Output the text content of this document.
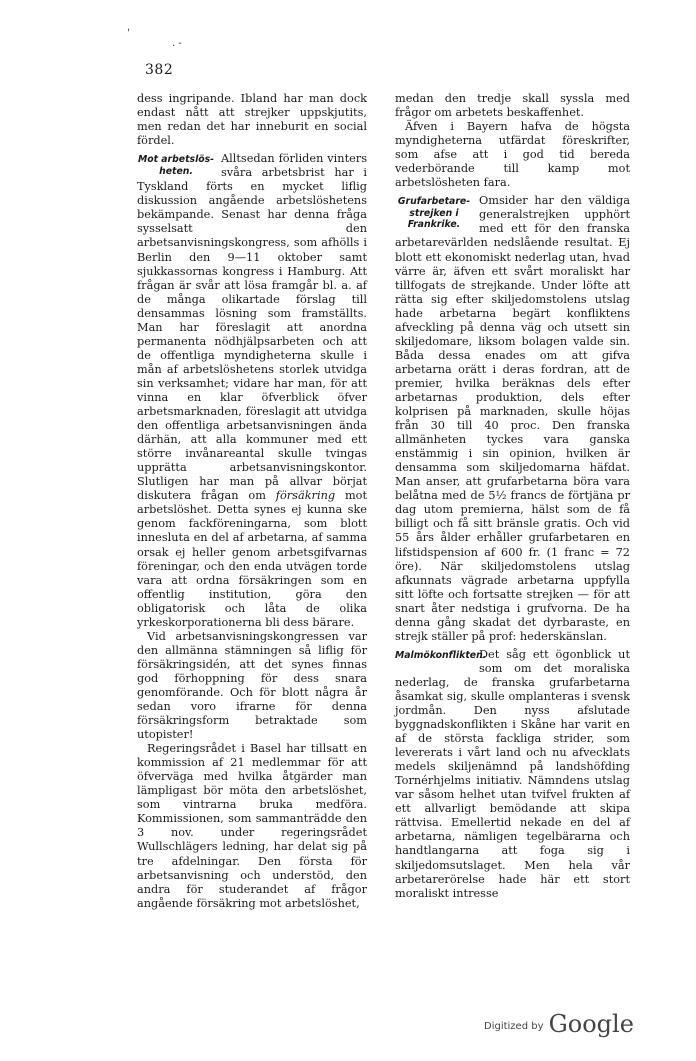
'
. -
382

dess ingripande. Ibland har man dock endast nått att strejker uppskjutits, men redan det har inneburit en social fördel.

Mot arbetslös-heten.
Alltsedan förliden vinters svåra arbetsbrist har i Tyskland förts en mycket liflig diskussion angående arbetslöshetens bekämpande. Senast har denna fråga sysselsatt den arbetsanvisningskongress, som afhölls i Berlin den 9—11 oktober samt sjukkassornas kongress i Hamburg. Att frågan är svår att lösa framgår bl. a. af de många olikartade förslag till densammas lösning som framställts. Man har föreslagit att anordna permanenta nödhjälpsarbeten och att de offentliga myndigheterna skulle i mån af arbetslöshetens storlek utvidga sin verksamhet; vidare har man, för att vinna en klar öfverblick öfver arbetsmarknaden, föreslagit att utvidga den offentliga arbetsanvisningen ända därhän, att alla kommuner med ett större invånareantal skulle tvingas upprätta arbetsanvisningskontor. Slutligen har man på allvar börjat diskutera frågan om försäkring mot arbetslöshet. Detta synes ej kunna ske genom fackföreningarna, som blott innesluta en del af arbetarna, af samma orsak ej heller genom arbetsgifvarnas föreningar, och den enda utvägen torde vara att ordna försäkringen som en offentlig institution, göra den obligatorisk och låta de olika yrkeskorporationerna bli dess bärare.

Vid arbetsanvisningskongressen var den allmänna stämningen så liflig för försäkringsidén, att det synes finnas god förhoppning för dess snara genomförande. Och för blott några år sedan voro ifrarne för denna försäkringsform betraktade som utopister!

Regeringsrådet i Basel har tillsatt en kommission af 21 medlemmar för att öfverväga med hvilka åtgärder man lämpligast bör möta den arbetslöshet, som vintrarna bruka medföra. Kommissionen, som sammanträdde den 3 nov. under regeringsrådet Wullschlägers ledning, har delat sig på tre afdelningar. Den första för arbetsanvisning och understöd, den andra för studerandet af frågor angående försäkring mot arbetslöshet,

medan den tredje skall syssla med frågor om arbetets beskaffenhet.

Äfven i Bayern hafva de högsta myndigheterna utfärdat föreskrifter, som afse att i god tid bereda vederbörande till kamp mot arbetslösheten fara.

Grufarbetare-strejken i Frankrike.
Omsider har den väldiga generalstrejken upphört med ett för den franska arbetarevärlden nedslående resultat. Ej blott ett ekonomiskt nederlag utan, hvad värre är, äfven ett svårt moraliskt har tillfogats de strejkande. Under löfte att rätta sig efter skiljedomstolens utslag hade arbetarna begärt konfliktens afveckling på denna väg och utsett sin skiljedomare, liksom bolagen valde sin. Båda dessa enades om att gifva arbetarna orätt i deras fordran, att de premier, hvilka beräknas dels efter arbetarnas produktion, dels efter kolprisen på marknaden, skulle höjas från 30 till 40 proc. Den franska allmänheten tyckes vara ganska enstämmig i sin opinion, hvilken är densamma som skiljedomarna häfdat. Man anser, att grufarbetarna böra vara belåtna med de 5½ francs de förtjäna pr dag utom premierna, hälst som de få billigt och få sitt bränsle gratis. Och vid 55 års ålder erhåller grufarbetaren en lifstidspension af 600 fr. (1 franc = 72 öre). När skiljedomstolens utslag afkunnats vägrade arbetarna uppfylla sitt löfte och fortsatte strejken — för att snart åter nedstiga i grufvorna. De ha denna gång skadat det dyrbaraste, en strejk ställer på prof: hederskänslan.

Malmökonflikten.
Det såg ett ögonblick ut som om det moraliska nederlag, de franska grufarbetarna åsamkat sig, skulle omplanteras i svensk jordmån. Den nyss afslutade byggnadskonflikten i Skåne har varit en af de största fackliga strider, som levererats i vårt land och nu afvecklats medels skiljenämnd på landshöfding Tornérhjelms initiativ. Nämndens utslag var såsom helhet utan tvifvel frukten af ett allvarligt bemödande att skipa rättvisa. Emellertid nekade en del af arbetarna, nämligen tegelbärarna och handtlangarna att foga sig i skiljedomsutslaget. Men hela vår arbetarerörelse hade här ett stort moraliskt intresse

Digitized by Google
